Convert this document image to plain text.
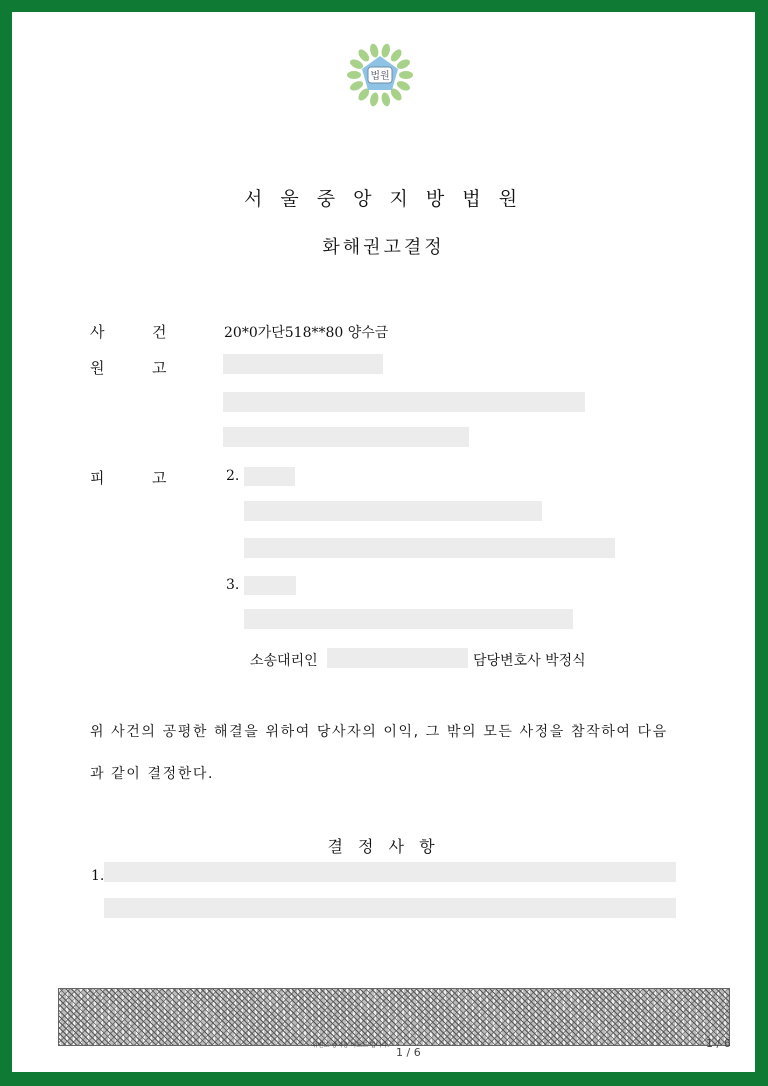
법원
서 울 중 앙 지 방 법 원
화해권고결정
사	건	20*0가단518**80 양수금
원	고
피	고	2.
3.
소송대리인	담당변호사 박정식
위 사건의 공평한 해결을 위하여 당사자의 이익, 그 밖의 모든 사정을 참작하여 다음
과 같이 결정한다.
결 정 사 항
1.
위변조 방지용 바코드 입니다.
1 / 6
1 / 6
